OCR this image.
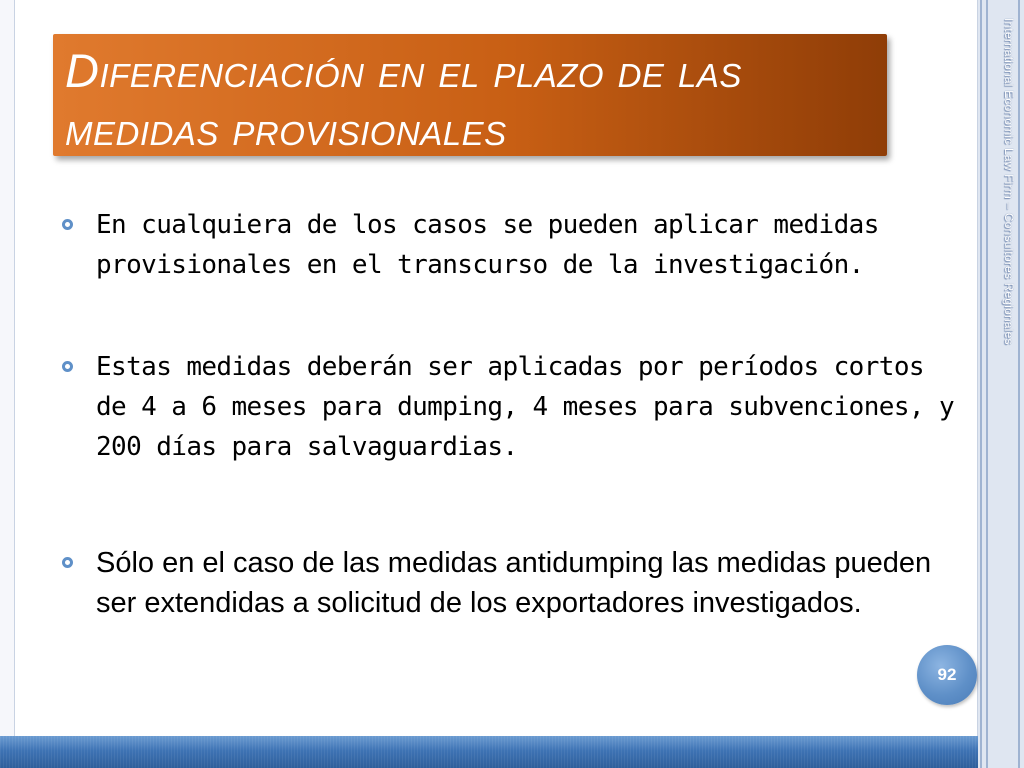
International Economic Law Firm – Consultores Regionales
Diferenciación en el plazo de las medidas provisionales

En cualquiera de los casos se pueden aplicar medidas provisionales en el transcurso de la investigación.

Estas medidas deberán ser aplicadas por períodos cortos de 4 a 6 meses para dumping, 4 meses para subvenciones, y 200 días para salvaguardias.

Sólo en el caso de las medidas antidumping las medidas pueden ser extendidas a solicitud de los exportadores investigados.

92
